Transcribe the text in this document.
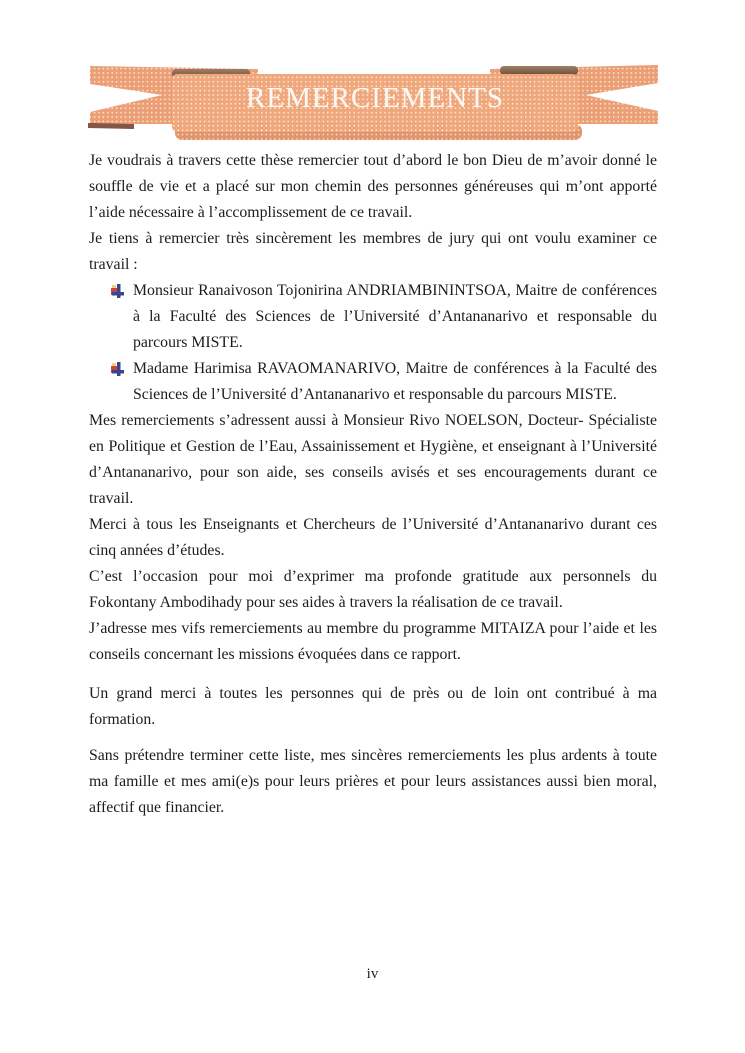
REMERCIEMENTS

Je voudrais à travers cette thèse remercier tout d’abord le bon Dieu de m’avoir donné le souffle de vie et a placé sur mon chemin des personnes généreuses qui m’ont apporté l’aide nécessaire à l’accomplissement de ce travail.

Je tiens à remercier très sincèrement les membres de jury qui ont voulu examiner ce travail :

Monsieur Ranaivoson Tojonirina ANDRIAMBININTSOA, Maitre de conférences à la Faculté des Sciences de l’Université d’Antananarivo et responsable du parcours MISTE.

Madame Harimisa RAVAOMANARIVO, Maitre de conférences à la Faculté des Sciences de l’Université d’Antananarivo et responsable du parcours MISTE.

Mes remerciements s’adressent aussi à Monsieur Rivo NOELSON, Docteur- Spécialiste en Politique et Gestion de l’Eau, Assainissement et Hygiène, et enseignant à l’Université d’Antananarivo, pour son aide, ses conseils avisés et ses encouragements durant ce travail.

Merci à tous les Enseignants et Chercheurs de l’Université d’Antananarivo durant ces cinq années d’études.

C’est l’occasion pour moi d’exprimer ma profonde gratitude aux personnels du Fokontany Ambodihady pour ses aides à travers la réalisation de ce travail.

J’adresse mes vifs remerciements au membre du programme MITAIZA pour l’aide et les conseils concernant les missions évoquées dans ce rapport.

Un grand merci à toutes les personnes qui de près ou de loin ont contribué à ma formation.

Sans prétendre terminer cette liste, mes sincères remerciements les plus ardents à toute ma famille et mes ami(e)s pour leurs prières et pour leurs assistances aussi bien moral, affectif que financier.

iv
